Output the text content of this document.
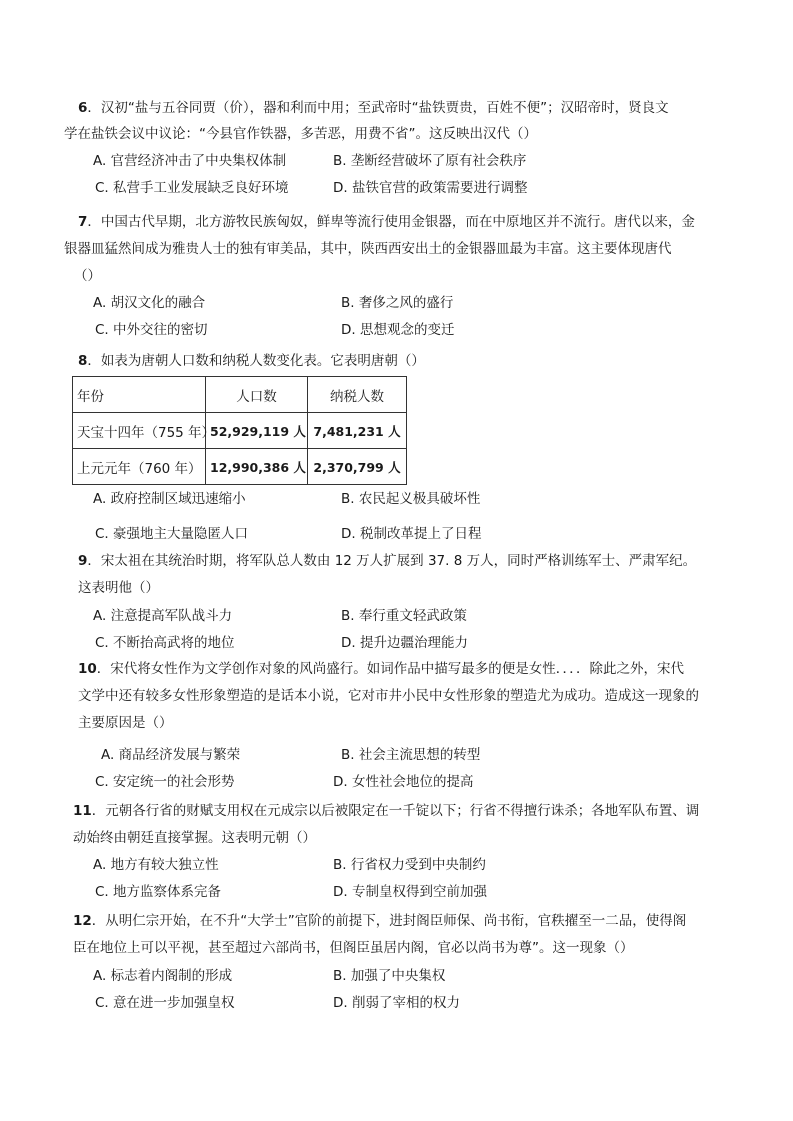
6．汉初“盐与五谷同贾（价），器和利而中用；至武帝时“盐铁贾贵，百姓不便”；汉昭帝时，贤良文
学在盐铁会议中议论：“今县官作铁器，多苦恶，用费不省”。这反映出汉代（）
A. 官营经济冲击了中央集权体制	B. 垄断经营破坏了原有社会秩序
C. 私营手工业发展缺乏良好环境	D. 盐铁官营的政策需要进行调整
7．中国古代早期，北方游牧民族匈奴，鲜卑等流行使用金银器，而在中原地区并不流行。唐代以来，金
银器皿猛然间成为雅贵人士的独有审美品，其中，陕西西安出土的金银器皿最为丰富。这主要体现唐代
（）
A. 胡汉文化的融合	B. 奢侈之风的盛行
C. 中外交往的密切	D. 思想观念的变迁
8．如表为唐朝人口数和纳税人数变化表。它表明唐朝（）
年份	人口数	纳税人数
天宝十四年（755 年）	52,929,119 人	7,481,231 人
上元元年（760 年）	12,990,386 人	2,370,799 人
A. 政府控制区域迅速缩小	B. 农民起义极具破坏性
C. 豪强地主大量隐匿人口	D. 税制改革提上了日程
9．宋太祖在其统治时期，将军队总人数由 12 万人扩展到 37. 8 万人，同时严格训练军士、严肃军纪。
这表明他（）
A. 注意提高军队战斗力	B. 奉行重文轻武政策
C. 不断抬高武将的地位	D. 提升边疆治理能力
10．宋代将女性作为文学创作对象的风尚盛行。如词作品中描写最多的便是女性．．．．除此之外，宋代
文学中还有较多女性形象塑造的是话本小说，它对市井小民中女性形象的塑造尤为成功。造成这一现象的
主要原因是（）
A. 商品经济发展与繁荣	B. 社会主流思想的转型
C. 安定统一的社会形势	D. 女性社会地位的提高
11．元朝各行省的财赋支用权在元成宗以后被限定在一千锭以下；行省不得擅行诛杀；各地军队布置、调
动始终由朝廷直接掌握。这表明元朝（）
A. 地方有较大独立性	B. 行省权力受到中央制约
C. 地方监察体系完备	D. 专制皇权得到空前加强
12．从明仁宗开始，在不升“大学士”官阶的前提下，进封阁臣师保、尚书衔，官秩擢至一二品，使得阁
臣在地位上可以平视，甚至超过六部尚书，但阁臣虽居内阁，官必以尚书为尊”。这一现象（）
A. 标志着内阁制的形成	B. 加强了中央集权
C. 意在进一步加强皇权	D. 削弱了宰相的权力
